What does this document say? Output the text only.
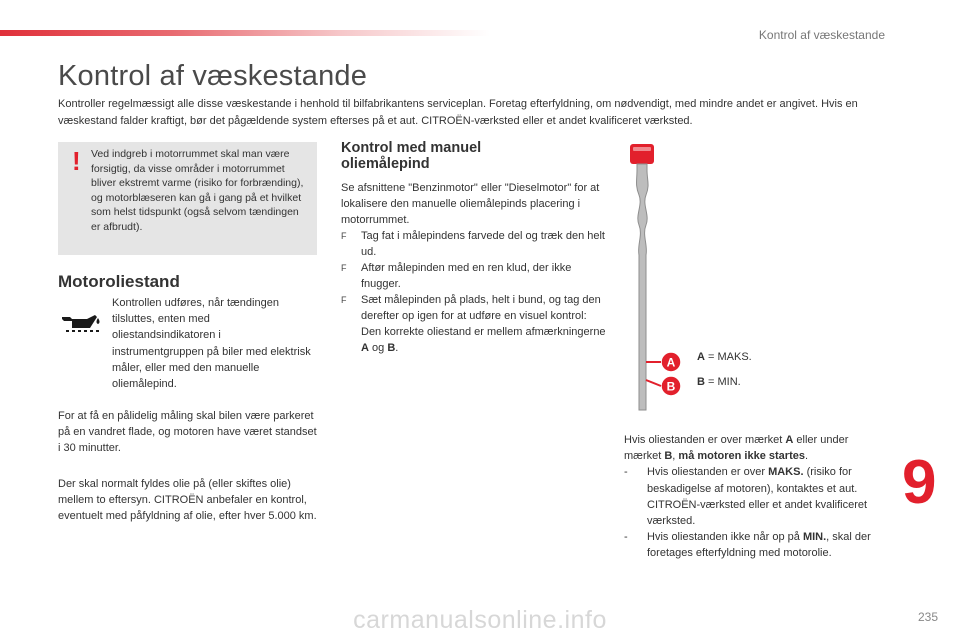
Kontrol af væskestande
Kontrol af væskestande

Kontroller regelmæssigt alle disse væskestande i henhold til bilfabrikantens serviceplan. Foretag efterfyldning, om nødvendigt, med mindre andet er angivet. Hvis en væskestand falder kraftigt, bør det pågældende system efterses på et aut. CITROËN-værksted eller et andet kvalificeret værksted.

! Ved indgreb i motorrummet skal man være forsigtig, da visse områder i motorrummet bliver ekstremt varme (risiko for forbrænding), og motorblæseren kan gå i gang på et hvilket som helst tidspunkt (også selvom tændingen er afbrudt).

Motoroliestand

Kontrollen udføres, når tændingen tilsluttes, enten med oliestandsindikatoren i instrumentgruppen på biler med elektrisk måler, eller med den manuelle oliemålepind.

For at få en pålidelig måling skal bilen være parkeret på en vandret flade, og motoren have været standset i 30 minutter.

Der skal normalt fyldes olie på (eller skiftes olie) mellem to eftersyn. CITROËN anbefaler en kontrol, eventuelt med påfyldning af olie, efter hver 5.000 km.

Kontrol med manuel oliemålepind

Se afsnittene "Benzinmotor" eller "Dieselmotor" for at lokalisere den manuelle oliemålepinds placering i motorrummet.

F Tag fat i målepindens farvede del og træk den helt ud.
F Aftør målepinden med en ren klud, der ikke fnugger.
F Sæt målepinden på plads, helt i bund, og tag den derefter op igen for at udføre en visuel kontrol: Den korrekte oliestand er mellem afmærkningerne A og B.
A
B
A = MAKS.
B = MIN.
Hvis oliestanden er over mærket A eller under mærket B, må motoren ikke startes.
- Hvis oliestanden er over MAKS. (risiko for beskadigelse af motoren), kontaktes et aut. CITROËN-værksted eller et andet kvalificeret værksted.
- Hvis oliestanden ikke når op på MIN., skal der foretages efterfyldning med motorolie.
9
carmanualsonline.info	235
